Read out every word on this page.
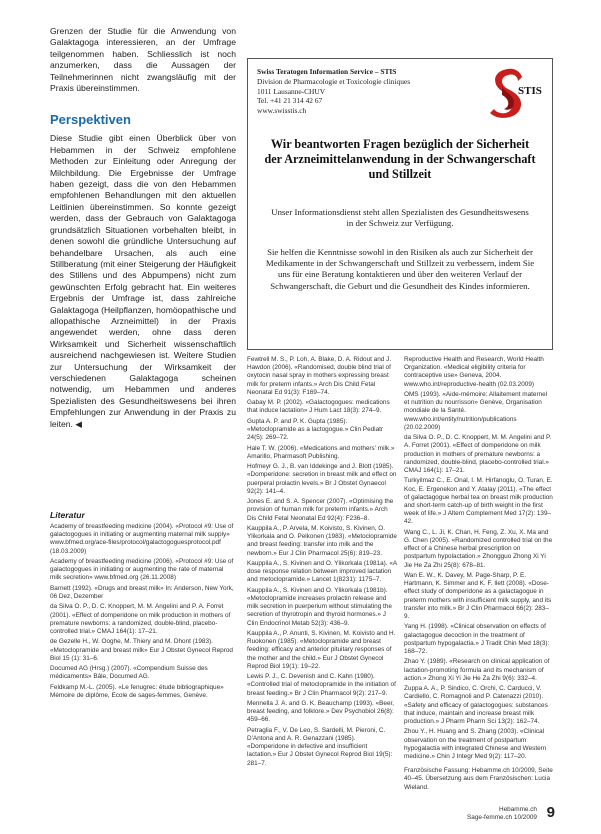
Grenzen der Studie für die Anwendung von Galaktagoga interessieren, an der Umfrage teilgenommen haben. Schliesslich ist noch anzumerken, dass die Aussagen der Teilnehmerinnen nicht zwangsläufig mit der Praxis übereinstimmen.

Perspektiven

Diese Studie gibt einen Überblick über von Hebammen in der Schweiz empfohlene Methoden zur Einleitung oder Anregung der Milchbildung. Die Ergebnisse der Umfrage haben gezeigt, dass die von den Hebammen empfohlenen Behandlungen mit den aktuellen Leitlinien übereinstimmen. So konnte gezeigt werden, dass der Gebrauch von Galaktagoga grundsätzlich Situationen vorbehalten bleibt, in denen sowohl die gründliche Untersuchung auf behandelbare Ursachen, als auch eine Stillberatung (mit einer Steigerung der Häufigkeit des Stillens und des Abpumpens) nicht zum gewünschten Erfolg gebracht hat. Ein weiteres Ergebnis der Umfrage ist, dass zahlreiche Galaktagoga (Heilpflanzen, homöopathische und allopathische Arzneimittel) in der Praxis angewendet werden, ohne dass deren Wirksamkeit und Sicherheit wissenschaftlich ausreichend nachgewiesen ist. Weitere Studien zur Untersuchung der Wirksamkeit der verschiedenen Galaktagoga scheinen notwendig, um Hebammen und anderes Spezialisten des Gesundheitswesens bei ihren Empfehlungen zur Anwendung in der Praxis zu leiten. ◀

Literatur

Academy of breastfeeding medicine (2004). «Protocol #9: Use of galactogogues in initiating or augmenting maternal milk supply» www.bfmed.org/ace-files/protocol/galactogoguesprotocol.pdf (18.03.2009)

Academy of breastfeeding medicine (2006). «Protocol #9: Use of galactogogues in initiating or augmenting the rate of maternal milk secretion» www.bfmed.org (26.11.2008)

Barnett (1992). «Drugs and breast milk» In: Anderson, New York, 06 Dez, Dezember

da Silva O. P., D. C. Knoppert, M. M. Angelini and P. A. Forret (2001). «Effect of domperidone on milk production in mothers of premature newborns: a randomized, double-blind, placebo-controlled trial.» CMAJ 164(1): 17–21.

de Gezelle H., W. Ooghe, M. Thiery and M. Dhont (1983). «Metoclopramide and breast milk» Eur J Obstet Gynecol Reprod Biol 15 (1): 31–6.

Documed AG (Hrsg.) (2007). «Compendium Suisse des médicaments» Bâle, Documed AG.

Feldkamp M.-L. (2005). «Le fenugrec: étude bibliographique» Mémoire de diplôme, Ecole de sages-femmes, Genève.

Swiss Teratogen Information Service – STIS
Division de Pharmacologie et Toxicologie cliniques
1011 Lausanne-CHUV
Tel. +41 21 314 42 67
www.swisstis.ch
STIS
Wir beantworten Fragen bezüglich der Sicherheit der Arzneimittelanwendung in der Schwangerschaft und Stillzeit
Unser Informationsdienst steht allen Spezialisten des Gesundheitswesens in der Schweiz zur Verfügung.
Sie helfen die Kenntnisse sowohl in den Risiken als auch zur Sicherheit der Medikamente in der Schwangerschaft und Stillzeit zu verbessern, indem Sie uns für eine Beratung kontaktieren und über den weiteren Verlauf der Schwangerschaft, die Geburt und die Gesundheit des Kindes informieren.

Fewtrell M. S., P. Loh, A. Blake, D. A. Ridout and J. Hawdon (2006). «Randomised, double blind trial of oxytocin nasal spray in mothers expressing breast milk for preterm infants.» Arch Dis Child Fetal Neonatal Ed 91(3): F169–74.

Gabay M. P. (2002). «Galactogogues: medications that induce lactation» J Hum Lact 18(3): 274–9.

Gupta A. P. and P. K. Gupta (1985). «Metoclopramide as a lactogogue.» Clin Pediatr 24(5): 269–72.

Hale T. W. (2006). «Medications and mothers' milk.» Amarillo, Pharmasoft Publishing.

Hofmeyr G. J., B. van Iddekinge and J. Blott (1985). «Domperidone: secretion in breast milk and effect on puerperal prolactin levels.» Br J Obstet Gynaecol 92(2): 141–4.

Jones E. and S. A. Spencer (2007). «Optimising the provision of human milk for preterm infants.» Arch Dis Child Fetal Neonatal Ed 92(4): F236–8.

Kauppila A., P. Arvela, M. Koivisto, S. Kivinen, O. Ylikorkala and O. Pelkonen (1983). «Metoclopramide and breast feeding: transfer into milk and the newborn.» Eur J Clin Pharmacol 25(6): 819–23.

Kauppila A., S. Kivinen and O. Ylikorkala (1981a). «A dose response relation between improved lactation and metoclopramide.» Lancet 1(8231): 1175–7.

Kauppila A., S. Kivinen and O. Ylikorkala (1981b). «Metoclopramide increases prolactin release and milk secretion in puerperium without stimulating the secretion of thyrotropin and thyroid hormones.» J Clin Endocrinol Metab 52(3): 436–9.

Kauppila A., P. Anunti, S. Kivinen, M. Koivisto and H. Ruokonen (1985). «Metoclopramide and breast feeding: efficacy and anterior pituitary responses of the mother and the child.» Eur J Obstet Gynecol Reprod Biol 19(1): 19–22.

Lewis P. J., C. Devenish and C. Kahn (1980). «Controlled trial of metoclopramide in the initiation of breast feeding.» Br J Clin Pharmacol 9(2): 217–9.

Mennella J. A. and G. K. Beauchamp (1993). «Beer, breast feeding, and folklore.» Dev Psychobiol 26(8): 459–66.

Petraglia F., V. De Leo, S. Sardelli, M. Pieroni, C. D'Antona and A. R. Genazzani (1985). «Domperidone in defective and insufficient lactation.» Eur J Obstet Gynecol Reprod Biol 19(5): 281–7.

Reproductive Health and Research, World Health Organization. «Medical eligibility criteria for contraceptive use» Geneva, 2004. www.who.int/reproductive-health (02.03.2009)

OMS (1993). «Aide-mémoire: Allaitement maternel et nutrition du nourrisson» Genève, Organisation mondiale de la Santé. www.who.int/entity/nutrition/publications (20.02.2009)

da Silva O. P., D. C. Knoppert, M. M. Angelini and P. A. Forret (2001). «Effect of domperidone on milk production in mothers of premature newborns: a randomized, double-blind, placebo-controlled trial.» CMAJ 164(1): 17–21.

Turkyilmaz C., E. Onal, I. M. Hirfanoglu, O. Turan, E. Koc, E. Ergenekon and Y. Atalay (2011). «The effect of galactagogue herbal tea on breast milk production and short-term catch-up of birth weight in the first week of life.» J Altern Complement Med 17(2): 139–42.

Wang C., L. Ji, K. Chan, H. Feng, Z. Xu, X. Ma and G. Chen (2005). «Randomized controlled trial on the effect of a Chinese herbal prescription on postpartum hypolactation.» Zhongguo Zhong Xi Yi Jie He Za Zhi 25(8): 678–81.

Wan E. W., K. Davey, M. Page-Sharp, P. E. Hartmann, K. Simmer and K. F. Ilett (2008). «Dose-effect study of domperidone as a galactagogue in preterm mothers with insufficient milk supply, and its transfer into milk.» Br J Clin Pharmacol 66(2): 283–9.

Yang H. (1998). «Clinical observation on effects of galactagogue decoction in the treatment of postpartum hypogalactia.» J Tradit Chin Med 18(3): 168–72.

Zhao Y. (1989). «Research on clinical application of lactation-promoting formula and its mechanism of action.» Zhong Xi Yi Jie He Za Zhi 9(6): 332–4.

Zuppa A. A., P. Sindico, C. Orchi, C. Carducci, V. Cardiello, C. Romagnoli and P. Catenazzi (2010). «Safety and efficacy of galactogogues: substances that induce, maintain and increase breast milk production.» J Pharm Pharm Sci 13(2): 162–74.

Zhou Y., H. Huang and S. Zhang (2003). «Clinical observation on the treatment of postpartum hypogalactia with integrated Chinese and Western medicine.» Chin J Integr Med 9(2): 117–20.

Französische Fassung: Hebamme.ch 10/2009, Seite 40–45. Übersetzung aus dem Französischen: Lucia Wieland.

Hebamme.ch
Sage-femme.ch 10/2009 9
